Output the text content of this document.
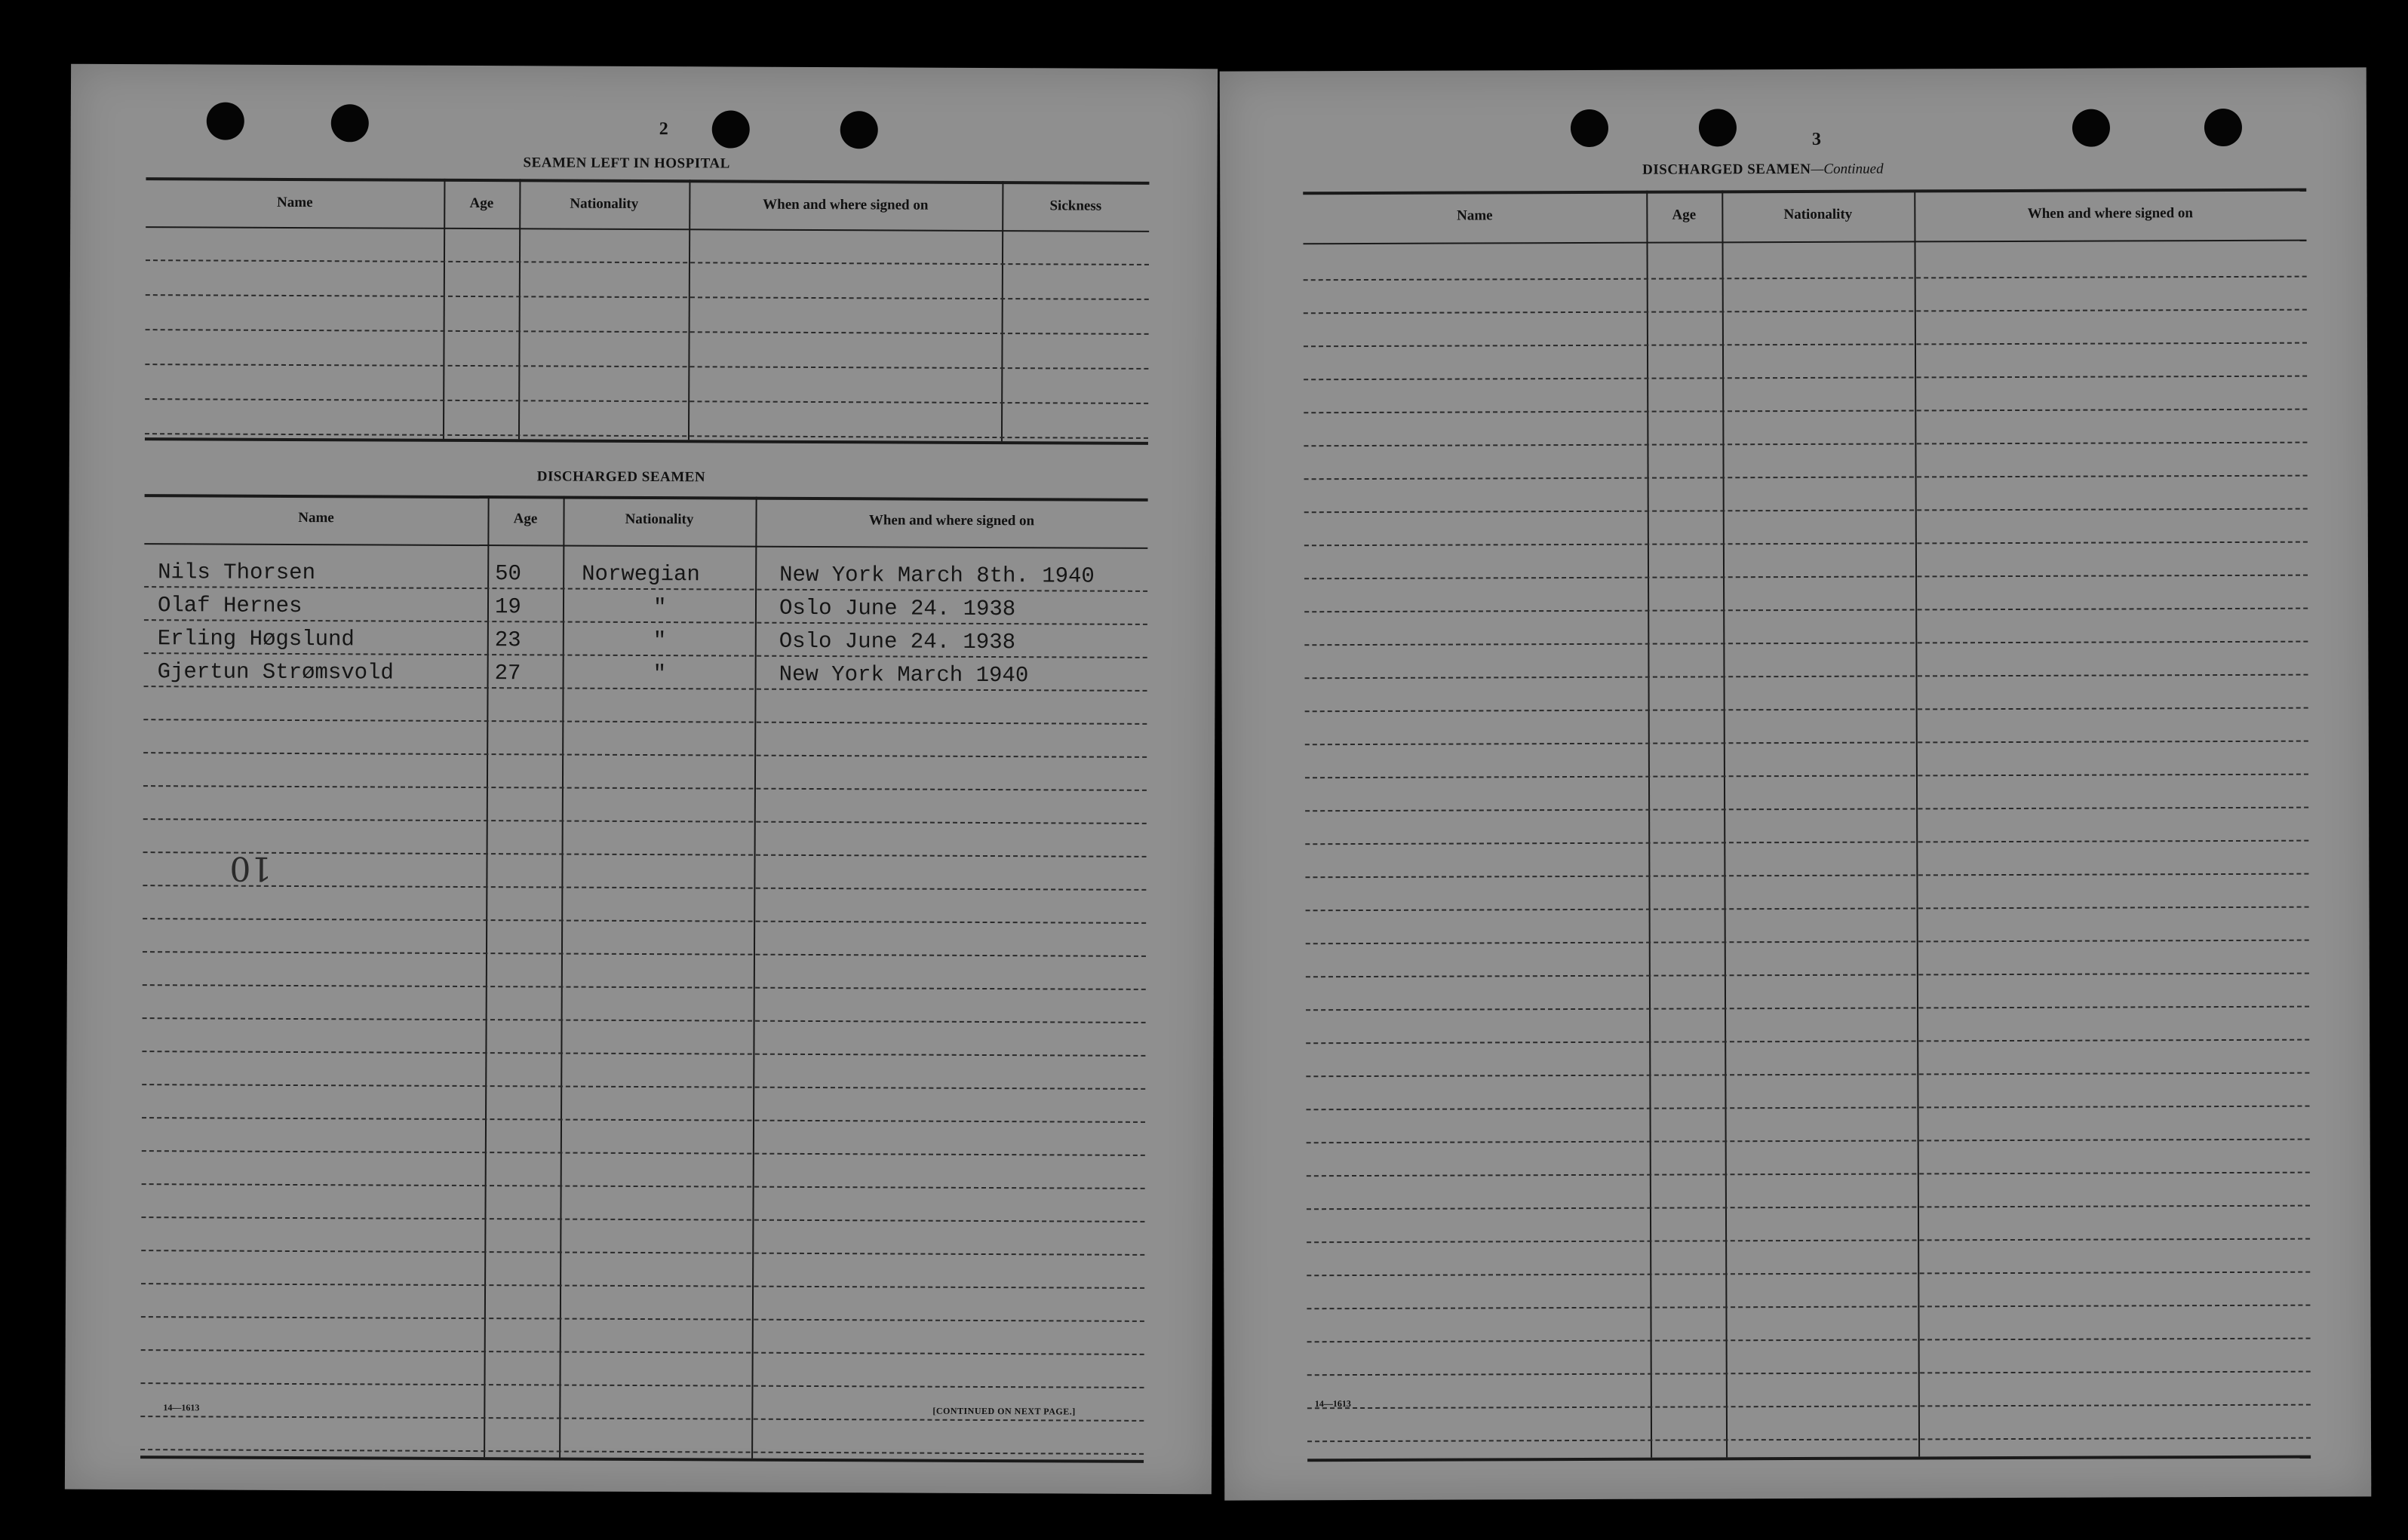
2
SEAMEN LEFT IN HOSPITAL
Name	Age	Nationality	When and where signed on	Sickness
DISCHARGED SEAMEN
Name	Age	Nationality	When and where signed on
Nils Thorsen	50	Norwegian	New York March 8th. 1940
Olaf Hernes	19	"	Oslo June 24. 1938
Erling Høgslund	23	"	Oslo June 24. 1938
Gjertun Strømsvold	27	"	New York March 1940
10
14—1613	[CONTINUED ON NEXT PAGE.]
3
DISCHARGED SEAMEN—Continued
Name	Age	Nationality	When and where signed on
14—1613
